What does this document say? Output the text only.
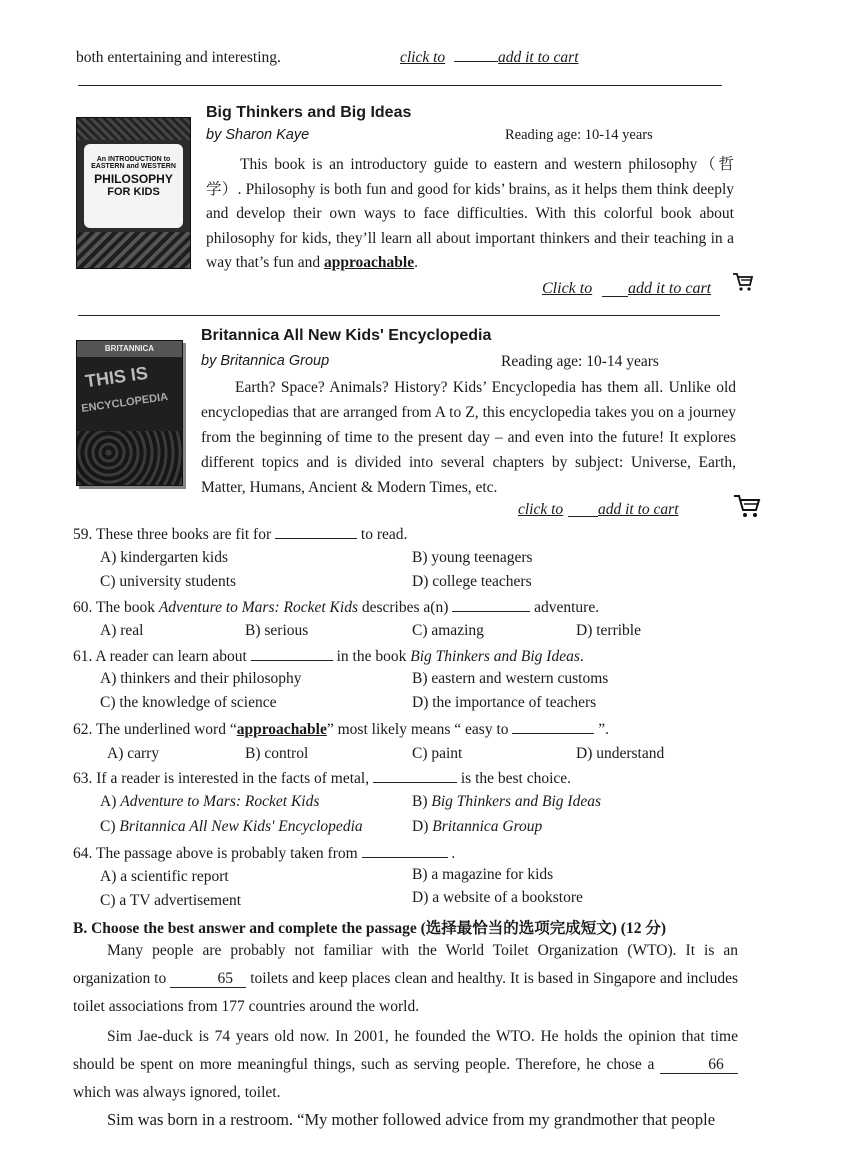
both entertaining and interesting.	click to	add it to cart
An INTRODUCTION to
EASTERN and WESTERN
PHILOSOPHY
FOR KIDS
Big Thinkers and Big Ideas
by Sharon Kaye	Reading age: 10-14 years

This book is an introductory guide to eastern and western philosophy（哲学）. Philosophy is both fun and good for kids’ brains, as it helps them think deeply and develop their own ways to face difficulties. With this colorful book about philosophy for kids, they’ll learn all about important thinkers and their teaching in a way that’s fun and approachable.

Click to add it to cart
BRITANNICA
THIS IS
ENCYCLOPEDIA
Britannica All New Kids' Encyclopedia
by Britannica Group	Reading age: 10-14 years
Earth? Space? Animals? History? Kids’ Encyclopedia has them all. Unlike old encyclopedias that are arranged from A to Z, this encyclopedia takes you on a journey from the beginning of time to the present day – and even into the future! It explores different topics and is divided into several chapters by subject: Universe, Earth, Matter, Humans, Ancient & Modern Times, etc.
click to add it to cart
59. These three books are fit for	to read.
A) kindergarten kids	B) young teenagers
C) university students	D) college teachers
60. The book Adventure to Mars: Rocket Kids describes a(n)	adventure.
A) real	B) serious	C) amazing	D) terrible
61. A reader can learn about	in the book Big Thinkers and Big Ideas.
A) thinkers and their philosophy	B) eastern and western customs
C) the knowledge of science	D) the importance of teachers
62. The underlined word “approachable” most likely means “ easy to	”.
A) carry	B) control	C) paint	D) understand
63. If a reader is interested in the facts of metal,	is the best choice.
A) Adventure to Mars: Rocket Kids	B) Big Thinkers and Big Ideas
C) Britannica All New Kids' Encyclopedia	D) Britannica Group
64. The passage above is probably taken from	.
A) a scientific report	B) a magazine for kids
C) a TV advertisement	D) a website of a bookstore
B. Choose the best answer and complete the passage (选择最恰当的选项完成短文) (12 分)

Many people are probably not familiar with the World Toilet Organization (WTO). It is an organization to	65 toilets and keep places clean and healthy. It is based in Singapore and includes toilet associations from 177 countries around the world.

Sim Jae-duck is 74 years old now. In 2001, he founded the WTO. He holds the opinion that time should be spent on more meaningful things, such as serving people. Therefore, he chose a	66 which was always ignored, toilet.

Sim was born in a restroom. “My mother followed advice from my grandmother that people
